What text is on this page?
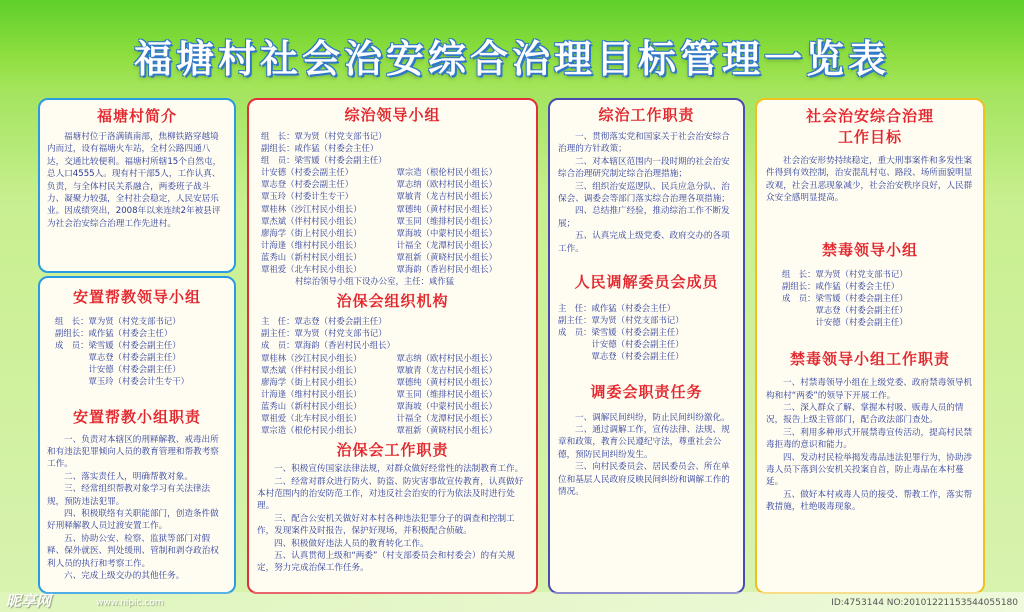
福塘村社会治安综合治理目标管理一览表
福塘村简介

福塘村位于洛满镇南部，焦柳铁路穿越境内而过，设有福塘火车站，全村公路四通八达，交通比较便利。福塘村所辖15个自然屯，总人口4555人。现有村干部5人，工作认真、负责，与全体村民关系融合，两委班子战斗力、凝聚力较强，全村社会稳定，人民安居乐业。因成绩突出，2008年以来连续2年被县评为社会治安综合治理工作先进村。

安置帮教领导小组

组　长：覃为贤（村党支部书记）

副组长：咸作猛（村委会主任）

成　员：梁雪媛（村委会副主任）

　　　　覃志登（村委会副主任）

　　　　计安德（村委会副主任）

　　　　覃玉玲（村委会计生专干）

安置帮教小组职责

一、负责对本辖区的刑释解教、戒毒出所和有违法犯罪倾向人员的教育管理和帮教考察工作。

二、落实责任人，明确帮教对象。

三、经常组织帮教对象学习有关法律法规，预防违法犯罪。

四、积极联络有关职能部门，创造条件做好刑释解教人员过渡安置工作。

五、协助公安、检察、监狱等部门对假释、保外就医、判处缓刑、管制和剥夺政治权利人员的执行和考察工作。

六、完成上级交办的其他任务。

综治领导小组

组　长：覃为贤（村党支部书记）

副组长：咸作猛（村委会主任）

组　员：梁雪媛（村委会副主任）

计安德（村委会副主任）
覃志登（村委会副主任）
覃玉玲（村委计生专干）
覃桂林（沙江村民小组长）
覃杰斌（伴村村民小组长）
廖海学（街上村民小组长）
计海逢（维村村民小组长）
蓝秀山（新村村民小组长）
覃祖爱（北车村民小组长）
覃宗造（根伦村民小组长）
覃志纳（欧村村民小组长）
覃敏青（龙吉村民小组长）
覃德纯（黄村村民小组长）
覃玉同（维排村民小组长）
覃海坡（中蒙村民小组长）
计福全（龙潭村民小组长）
覃祖新（黄晓村民小组长）
覃海韵（香岩村民小组长）

村综治领导小组下设办公室，主任：咸作猛

治保会组织机构

主　任：覃志登（村委会副主任）

副主任：覃为贤（村党支部书记）

成　员：覃海韵（香岩村民小组长）

覃桂林（沙江村民小组长）
覃杰斌（伴村村民小组长）
廖海学（街上村民小组长）
计海逢（维村村民小组长）
蓝秀山（新村村民小组长）
覃祖爱（北车村民小组长）
覃宗造（根伦村民小组长）
覃志纳（欧村村民小组长）
覃敏青（龙吉村民小组长）
覃德纯（黄村村民小组长）
覃玉同（维排村民小组长）
覃海坡（中蒙村民小组长）
计福全（龙潭村民小组长）
覃祖新（黄晓村民小组长）
治保会工作职责

一、积极宣传国家法律法规，对群众做好经常性的法制教育工作。

二、经常对群众进行防火、防盗、防灾害事故宣传教育，认真做好本村范围内的治安防范工作，对违反社会治安的行为依法及时进行处理。

三、配合公安机关做好对本村各种违法犯罪分子的调查和控制工作，发现案件及时报告，保护好现场，并积极配合侦破。

四、积极做好违法人员的教育转化工作。

五、认真贯彻上级和“两委”（村支部委员会和村委会）的有关规定，努力完成治保工作任务。

综治工作职责

一、贯彻落实党和国家关于社会治安综合治理的方针政策；

二、对本辖区范围内一段时期的社会治安综合治理研究制定综合治理措施；

三、组织治安巡逻队、民兵应急分队、治保会、调委会等部门落实综合治理各项措施；

四、总结推广经验，推动综治工作不断发展；

五、认真完成上级党委、政府交办的各项工作。

人民调解委员会成员

主　任：咸作猛（村委会主任）

副主任：覃为贤（村党支部书记）

成　员：梁雪媛（村委会副主任）

　　　　计安德（村委会副主任）

　　　　覃志登（村委会副主任）

调委会职责任务

一、调解民间纠纷，防止民间纠纷激化。

二、通过调解工作，宣传法律、法规、规章和政策，教育公民遵纪守法，尊重社会公德，预防民间纠纷发生。

三、向村民委员会、居民委员会、所在单位和基层人民政府反映民间纠纷和调解工作的情况。

社会治安综合治理
工作目标

社会治安形势持续稳定，重大刑事案件和多发性案件得到有效控制，治安混乱村屯、路段、场所面貌明显改观，社会丑恶现象减少，社会治安秩序良好，人民群众安全感明显提高。

禁毒领导小组

组　长：覃为贤（村党支部书记）

副组长：咸作猛（村委会主任）

成　员：梁雪媛（村委会副主任）

　　　　覃志登（村委会副主任）

　　　　计安德（村委会副主任）

禁毒领导小组工作职责

一、村禁毒领导小组在上级党委、政府禁毒领导机构和村“两委”的领导下开展工作。

二、深入群众了解、掌握本村吸、贩毒人员的情况，报告上级主管部门，配合政法部门查处。

三、利用多种形式开展禁毒宣传活动，提高村民禁毒拒毒的意识和能力。

四、发动村民检举揭发毒品违法犯罪行为，协助涉毒人员下落到公安机关投案自首，防止毒品在本村蔓延。

五、做好本村戒毒人员的接受、帮教工作，落实帮教措施，杜绝吸毒现象。

昵享网	www.nipic.com	ID:4753144 NO:20101221153544055180
